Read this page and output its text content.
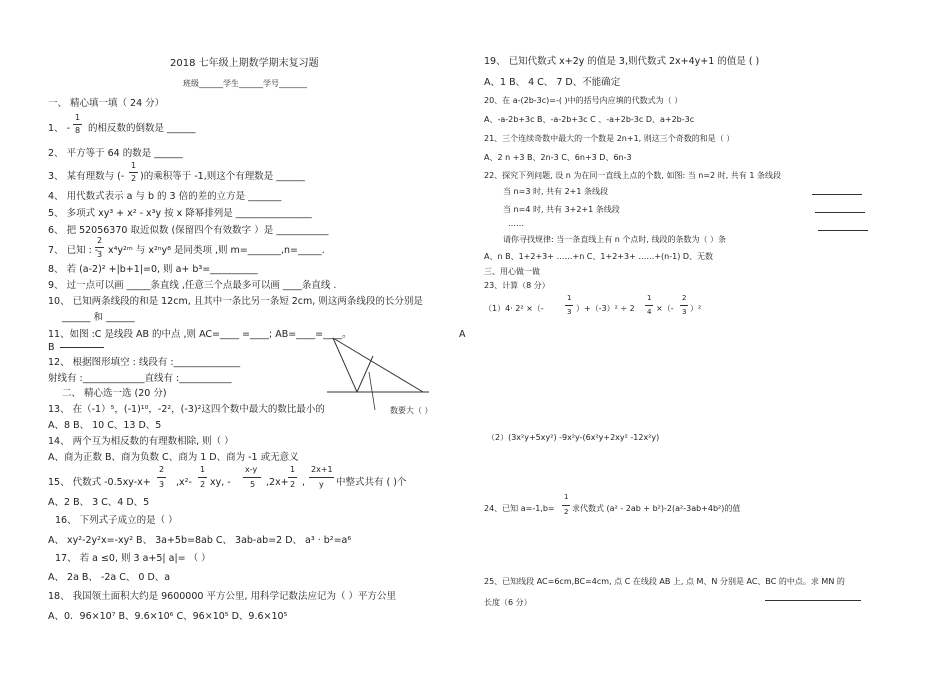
2018 七年级上期数学期末复习题
班级______学生______学号_______
一、 精心填一填（ 24 分）
1、 -
1
8 的相反数的倒数是 ______
2、 平方等于 64 的数是 ______
3、 某有理数与 (-
1
2 )的乘积等于 -1,则这个有理数是 ______
4、 用代数式表示 a 与 b 的 3 倍的差的立方是 _______
5、 多项式 xy³ + x² - x³y 按 x 降幂排列是 ________________
6、 把 52056370 取近似数 (保留四个有效数字 ）是 ___________
7、 已知 : -
2
3 x⁴y²ᵐ 与 x²ⁿy⁸ 是同类项 ,则 m=_______,n=_____.
8、 若 (a-2)² +|b+1|=0, 则 a+ b³=__________
9、 过一点可以画 _____条直线 ,任意三个点最多可以画 ____条直线 .
10、 已知两条线段的和是 12cm, 且其中一条比另一条短 2cm, 则这两条线段的长分别是
______ 和 ______
11、如图 :C 是线段 AB 的中点 ,则 AC=____ =____; AB=____=____。	A
B
12、 根据图形填空 : 线段有 :______________
射线有 :_____________直线有 :___________
二、 精心选一选 (20 分)
13、 在（-1）⁵，(-1)¹⁰，-2²，(-3)²这四个数中最大的数比最小的	数要大（ ）
A、8 B、 10 C、13 D、5
14、 两个互为相反数的有理数相除, 则（ ）
A、商为正数 B、商为负数 C、商为 1 D、商为 -1 或无意义
15、 代数式 -0.5xy-x+
2
3 ,x²-
1
2 xy, -
x-y
5 ,2x+
1
2 ,
2x+1
y 中整式共有 ( )个
A、2 B、 3 C、4 D、5
16、 下列式子成立的是（ ）
A、 xy²-2y²x=-xy² B、 3a+5b=8ab C、 3ab-ab=2 D、 a³ · b²=a⁶
17、 若 a ≤0, 则 3 a+5| a|= （ ）
A、 2a B、 -2a C、 0 D、a
18、 我国领土面积大约是 9600000 平方公里, 用科学记数法应记为（ ）平方公里
A、0．96×10⁷ B、9.6×10⁶ C、96×10⁵ D、9.6×10⁵
19、 已知代数式 x+2y 的值是 3,则代数式 2x+4y+1 的值是 ( )
A、1 B、 4 C、 7 D、不能确定
20、在 a-(2b-3c)=-( )中的括号内应填的代数式为（ ）
A、-a-2b+3c B、-a-2b+3c C 、-a+2b-3c D、a+2b-3c
21、三个连续奇数中最大的一个数是 2n+1, 则这三个奇数的和是（ ）
A、2 n +3 B、2n-3 C、6n+3 D、6n-3
22、探究下列问题, 设 n 为在同一直线上点的个数, 如图: 当 n=2 时, 共有 1 条线段
当 n=3 时, 共有 2+1 条线段
当 n=4 时, 共有 3+2+1 条线段
……
请你寻找规律: 当一条直线上有 n 个点时, 线段的条数为（ ）条
A、n B、1+2+3+ ……+n C、1+2+3+ ……+(n-1) D、无数
三、用心做一做
23、计算（8 分）
（1）4· 2² ×（-
1
3 ）+（-3）² ÷ 2
1
4 ×（-
2
3 ）²
（2）(3x²y+5xy²) -9x²y-(6x²y+2xy² -12x²y)
24、已知 a=-1,b=
1
2 求代数式 (a² - 2ab + b²)-2(a²-3ab+4b²)的值
25、已知线段 AC=6cm,BC=4cm, 点 C 在线段 AB 上, 点 M、N 分别是 AC、BC 的中点。求 MN 的
长度（6 分）
